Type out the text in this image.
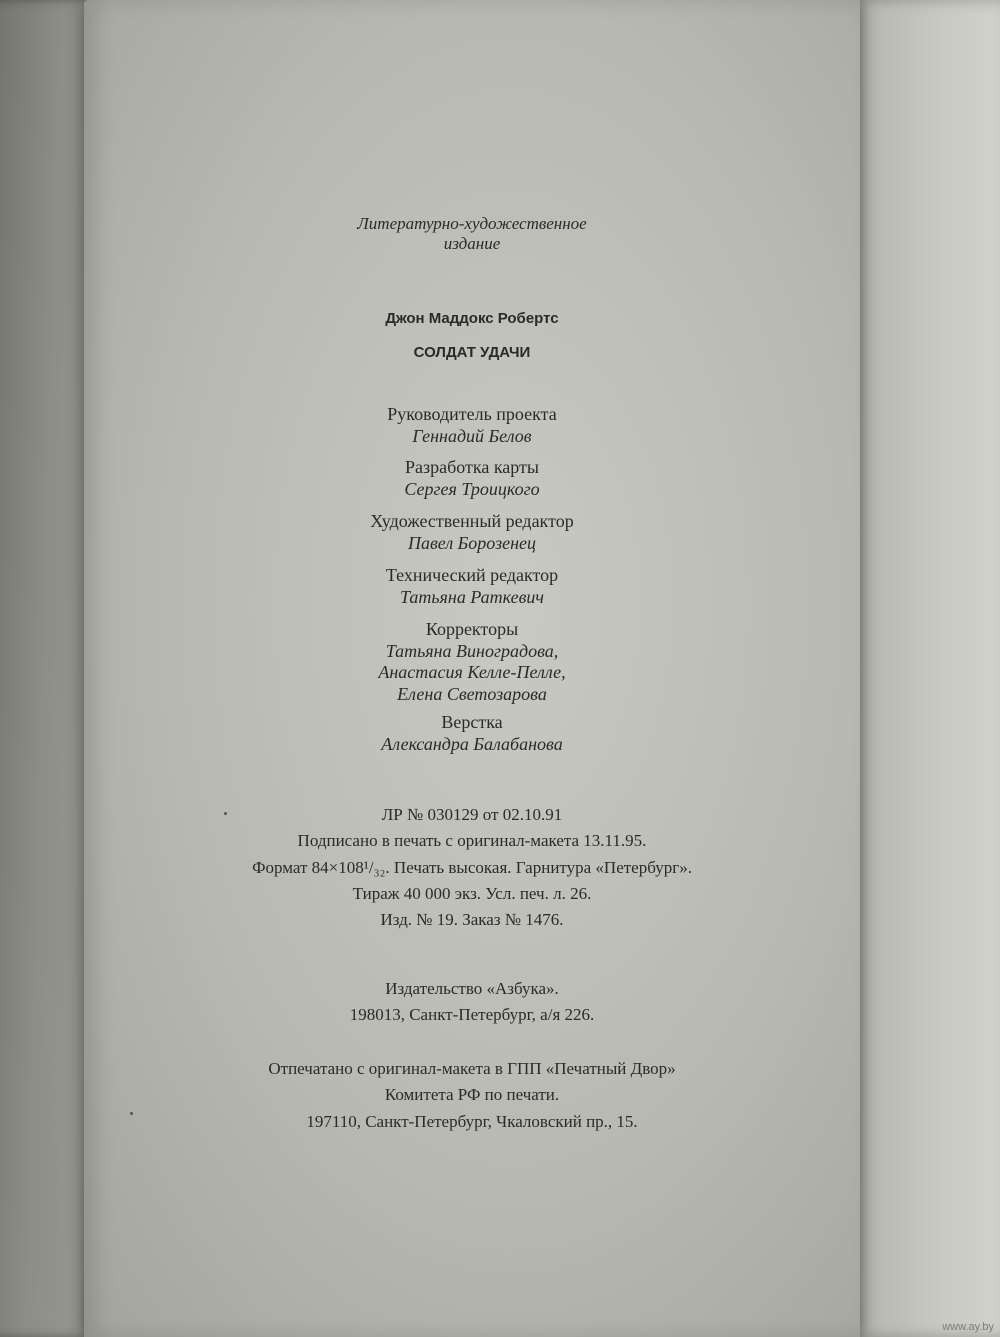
Литературно-художественное
издание
Джон Маддокс Робертс
СОЛДАТ УДАЧИ
Руководитель проекта
Геннадий Белов
Разработка карты
Сергея Троицкого
Художественный редактор
Павел Борозенец
Технический редактор
Татьяна Раткевич
Корректоры
Татьяна Виноградова,
Анастасия Келле-Пелле,
Елена Светозарова
Верстка
Александра Балабанова
ЛР № 030129 от 02.10.91
Подписано в печать с оригинал-макета 13.11.95.
Формат 84×108¹/₃₂. Печать высокая. Гарнитура «Петербург».
Тираж 40 000 экз. Усл. печ. л. 26.
Изд. № 19. Заказ № 1476.
Издательство «Азбука».
198013, Санкт-Петербург, а/я 226.
Отпечатано с оригинал-макета в ГПП «Печатный Двор»
Комитета РФ по печати.
197110, Санкт-Петербург, Чкаловский пр., 15.
www.ay.by
